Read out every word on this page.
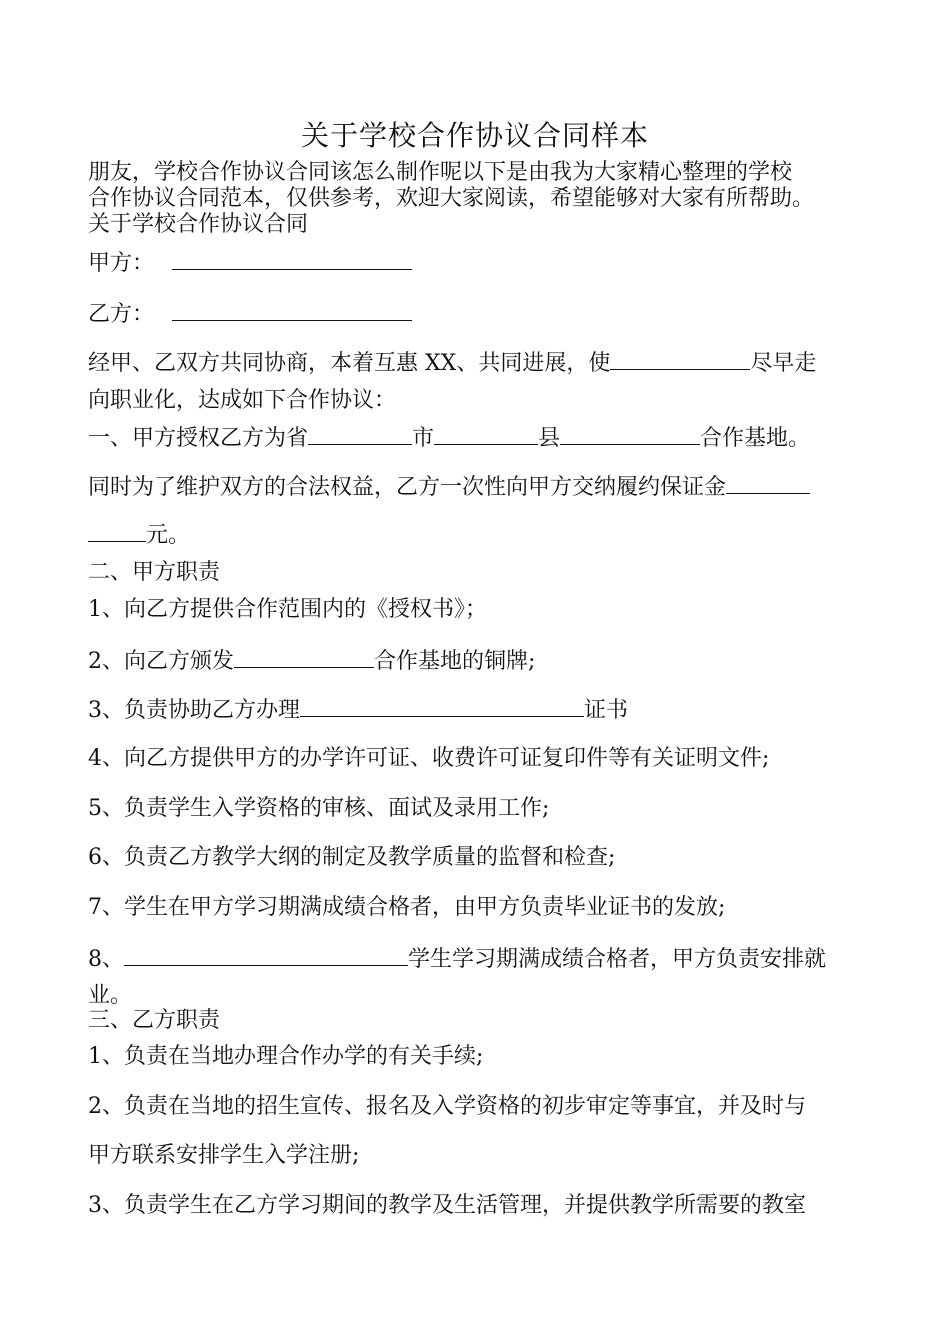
关于学校合作协议合同样本
朋友，学校合作协议合同该怎么制作呢以下是由我为大家精心整理的学校
合作协议合同范本，仅供参考，欢迎大家阅读，希望能够对大家有所帮助。
关于学校合作协议合同
甲方：
乙方：
经甲、乙双方共同协商，本着互惠 XX、共同进展，使	尽早走
向职业化，达成如下合作协议：
一、甲方授权乙方为省	市	县	合作基地。
同时为了维护双方的合法权益，乙方一次性向甲方交纳履约保证金
元。
二、甲方职责
1、向乙方提供合作范围内的《授权书》；
2、向乙方颁发	合作基地的铜牌;
3、负责协助乙方办理	证书
4、向乙方提供甲方的办学许可证、收费许可证复印件等有关证明文件;
5、负责学生入学资格的审核、面试及录用工作;
6、负责乙方教学大纲的制定及教学质量的监督和检查;
7、学生在甲方学习期满成绩合格者，由甲方负责毕业证书的发放;
8、	学生学习期满成绩合格者，甲方负责安排就
业。
三、乙方职责
1、负责在当地办理合作办学的有关手续;
2、负责在当地的招生宣传、报名及入学资格的初步审定等事宜，并及时与
甲方联系安排学生入学注册;
3、负责学生在乙方学习期间的教学及生活管理，并提供教学所需要的教室
